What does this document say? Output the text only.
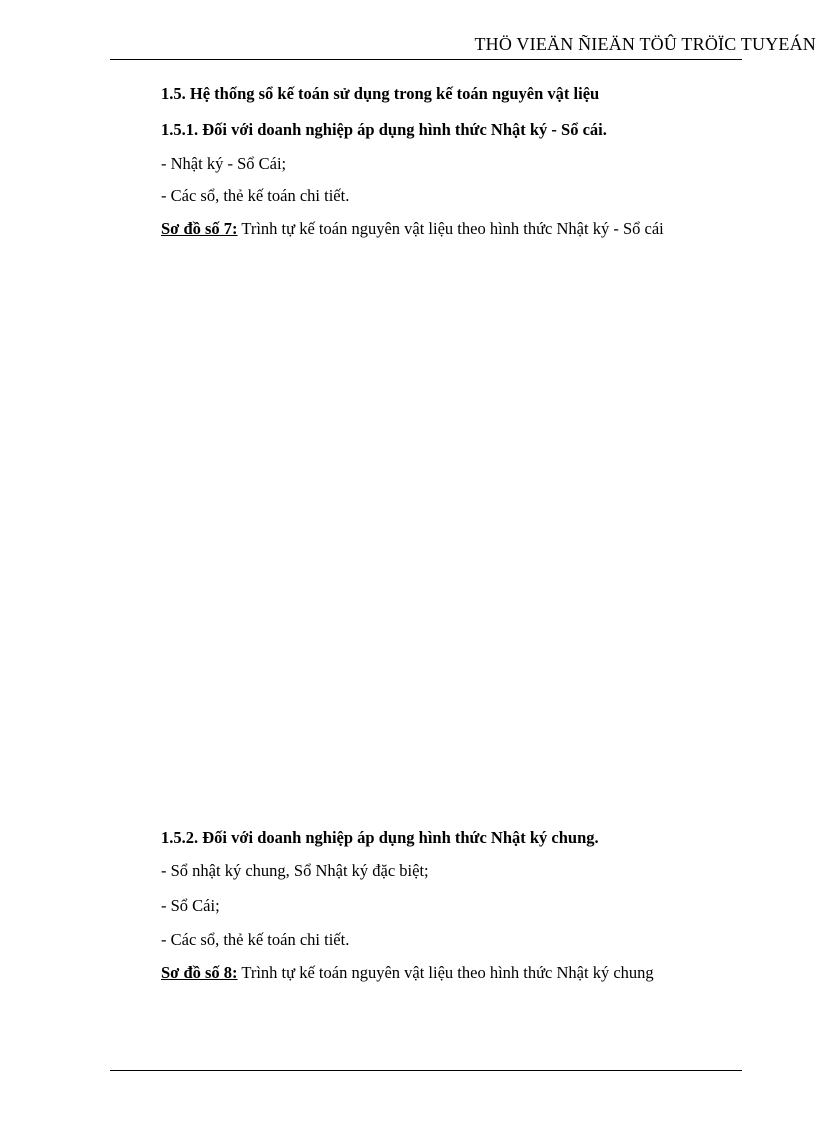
THÖ VIEÄN ÑIEÄN TÖÛ TRÖÏC TUYEÁN
1.5. Hệ thống sổ kế toán sử dụng trong kế toán nguyên vật liệu
1.5.1. Đối với doanh nghiệp áp dụng hình thức Nhật ký - Sổ cái.
- Nhật ký - Sổ Cái;
- Các sổ, thẻ kế toán chi tiết.
Sơ đồ số 7: Trình tự kế toán nguyên vật liệu theo hình thức Nhật ký - Sổ cái
1.5.2. Đối với doanh nghiệp áp dụng hình thức Nhật ký chung.
- Sổ nhật ký chung, Sổ Nhật ký đặc biệt;
- Sổ Cái;
- Các sổ, thẻ kế toán chi tiết.
Sơ đồ số 8: Trình tự kế toán nguyên vật liệu theo hình thức Nhật ký chung
